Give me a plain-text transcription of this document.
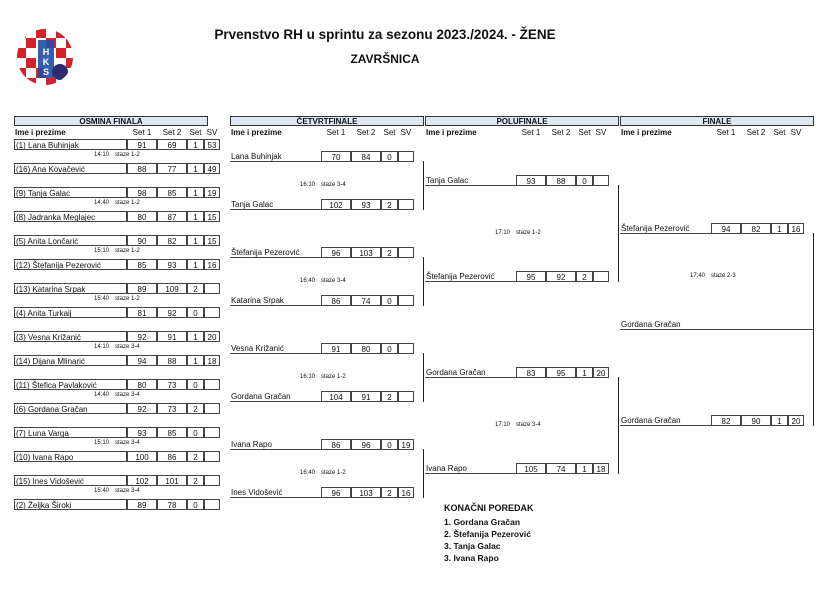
H
K
S
Prvenstvo RH u sprintu za sezonu 2023./2024. - ŽENE
ZAVRŠNICA
OSMINA FINALA
Ime i prezime	Set 1	Set 2	Set SV
ČETVRTFINALE
Ime i prezime	Set 1	Set 2	Set SV
POLUFINALE
Ime i prezime	Set 1	Set 2	Set SV
FINALE
Ime i prezime	Set 1	Set 2	Set SV
(1) Lana Buhinjak	91	69	1	53
(16) Ana Kovačević	88	77	1	49
(9) Tanja Galac	98	85	1	19
(8) Jadranka Meglajec	80	87	1	15
(5) Anita Lončarić	90	82	1	15
(12) Štefanija Pezerović	85	93	1	16
(13) Katarina Srpak	89	109	2
(4) Anita Turkalj	81	92	0
(3) Vesna Križanić	92	91	1	20
(14) Dijana Mlinarić	94	88	1	18
(11) Štefica Pavlaković	80	73	0
(6) Gordana Gračan	92	73	2
(7) Luna Varga	93	85	0
(10) Ivana Rapo	100	86	2
(15) Ines Vidošević	102	101	2
(2) Željka Široki	89	78	0
14:10 staze 1-2
14:40 staze 1-2
15:10 staze 1-2
15:40 staze 1-2
14:10 staze 3-4
14:40 staze 3-4
15:10 staze 3-4
15:40 staze 3-4
Lana Buhinjak	70	84	0
Tanja Galac	102	93	2
Štefanija Pezerović	96	103	2
Katarina Srpak	86	74	0
Vesna Križanić	91	80	0
Gordana Gračan	104	91	2
Ivana Rapo	86	96	0	19
Ines Vidošević	96	103	2	16
16:10 staze 3-4
16:40 staze 3-4
16:10 staze 1-2
16:40 staze 1-2
Tanja Galac	93	88	0
Štefanija Pezerović	95	92	2
Gordana Gračan	83	95	1	20
Ivana Rapo	105	74	1	18
17:10 staze 1-2
17:10 staze 3-4
Štefanija Pezerović	94	82	1	16
Gordana Gračan	82	90	1	20
17:40 staze 2-3
Gordana Gračan
KONAČNI POREDAK
1. Gordana Gračan
2. Štefanija Pezerović
3. Tanja Galac
3. Ivana Rapo
